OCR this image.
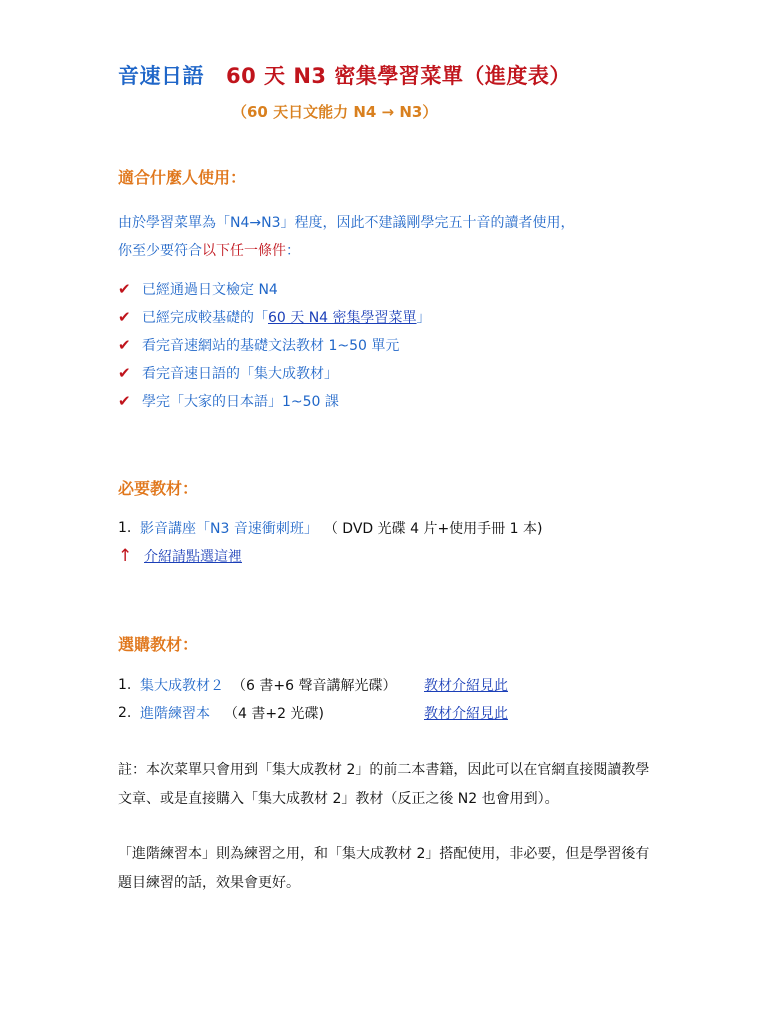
音速日語 60 天 N3 密集學習菜單（進度表）
（60 天日文能力 N4 → N3）
適合什麼人使用：
由於學習菜單為「N4→N3」程度，因此不建議剛學完五十音的讀者使用，
你至少要符合以下任一條件：
✔ 已經通過日文檢定 N4
✔ 已經完成較基礎的「 60 天 N4 密集學習菜單 」
✔ 看完音速網站的基礎文法教材 1~50 單元
✔ 看完音速日語的「集大成教材」
✔ 學完「大家的日本語」1~50 課
必要教材：
1. 影音講座「N3 音速衝刺班」 （ DVD 光碟 4 片+使用手冊 1 本)
↑ 介紹請點選這裡
選購教材：
1. 集大成教材２ （6 書+6 聲音講解光碟） 教材介紹見此
2. 進階練習本 （4 書+2 光碟)	教材介紹見此
註：本次菜單只會用到「集大成教材 2」的前二本書籍，因此可以在官網直接閱讀教學文章、或是直接購入「集大成教材 2」教材（反正之後 N2 也會用到）。
「進階練習本」則為練習之用，和「集大成教材 2」搭配使用，非必要，但是學習後有題目練習的話，效果會更好。
